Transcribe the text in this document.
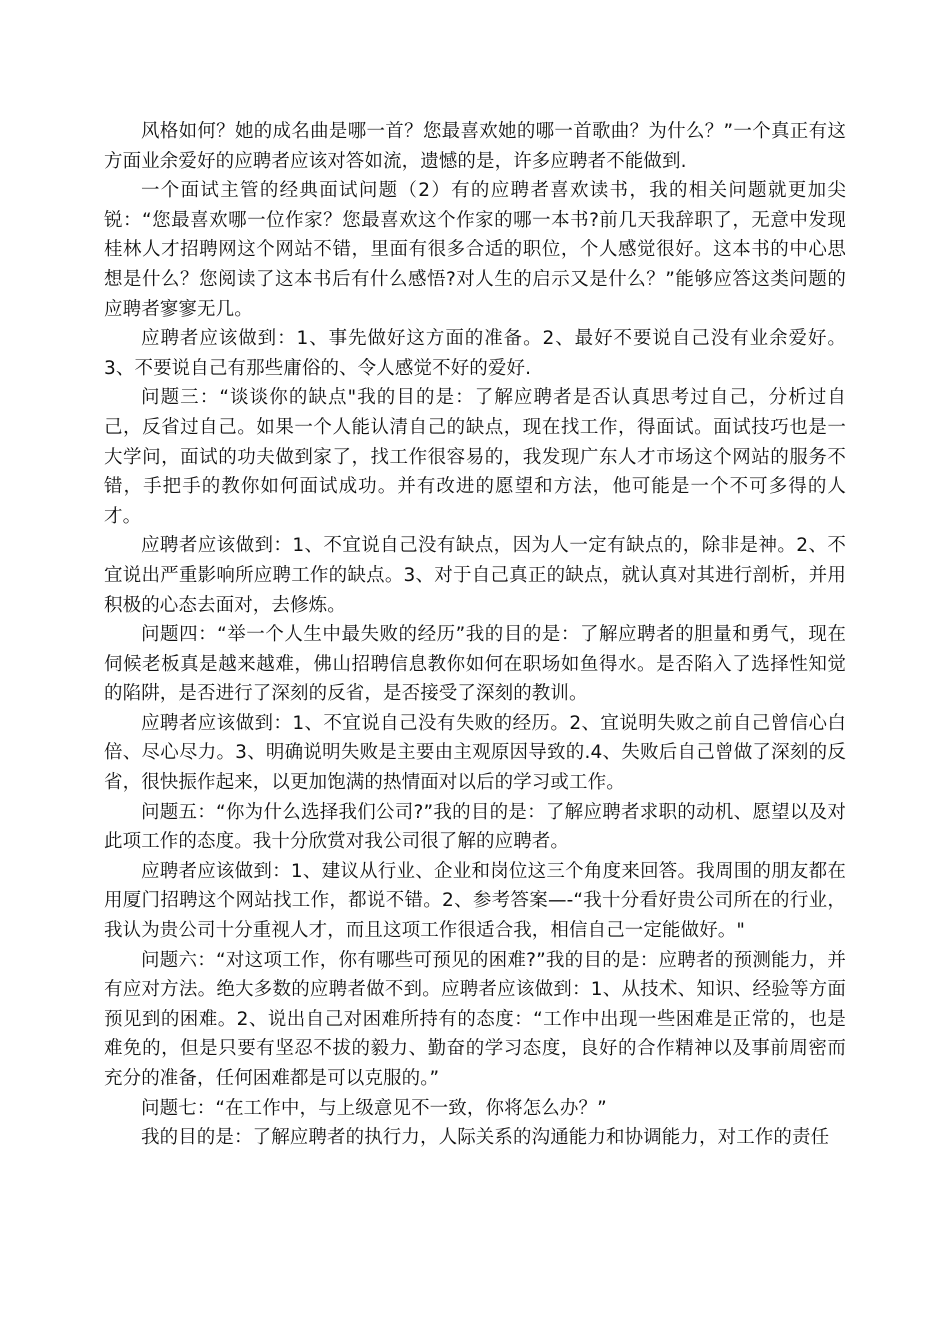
风格如何？她的成名曲是哪一首？您最喜欢她的哪一首歌曲？为什么？”一个真正有这方面业余爱好的应聘者应该对答如流，遗憾的是，许多应聘者不能做到.

一个面试主管的经典面试问题（2）有的应聘者喜欢读书，我的相关问题就更加尖锐：“您最喜欢哪一位作家？您最喜欢这个作家的哪一本书?前几天我辞职了，无意中发现桂林人才招聘网这个网站不错，里面有很多合适的职位，个人感觉很好。这本书的中心思想是什么？您阅读了这本书后有什么感悟?对人生的启示又是什么？”能够应答这类问题的应聘者寥寥无几。

应聘者应该做到：1、事先做好这方面的准备。2、最好不要说自己没有业余爱好。3、不要说自己有那些庸俗的、令人感觉不好的爱好.

问题三：“谈谈你的缺点"我的目的是：了解应聘者是否认真思考过自己，分析过自己，反省过自己。如果一个人能认清自己的缺点，现在找工作，得面试。面试技巧也是一大学问，面试的功夫做到家了，找工作很容易的，我发现广东人才市场这个网站的服务不错，手把手的教你如何面试成功。并有改进的愿望和方法，他可能是一个不可多得的人才。

应聘者应该做到：1、不宜说自己没有缺点，因为人一定有缺点的，除非是神。2、不宜说出严重影响所应聘工作的缺点。3、对于自己真正的缺点，就认真对其进行剖析，并用积极的心态去面对，去修炼。

问题四：“举一个人生中最失败的经历”我的目的是：了解应聘者的胆量和勇气，现在伺候老板真是越来越难，佛山招聘信息教你如何在职场如鱼得水。是否陷入了选择性知觉的陷阱，是否进行了深刻的反省，是否接受了深刻的教训。

应聘者应该做到：1、不宜说自己没有失败的经历。2、宜说明失败之前自己曾信心白倍、尽心尽力。3、明确说明失败是主要由主观原因导致的.4、失败后自己曾做了深刻的反省，很快振作起来，以更加饱满的热情面对以后的学习或工作。

问题五：“你为什么选择我们公司?”我的目的是：了解应聘者求职的动机、愿望以及对此项工作的态度。我十分欣赏对我公司很了解的应聘者。

应聘者应该做到：1、建议从行业、企业和岗位这三个角度来回答。我周围的朋友都在用厦门招聘这个网站找工作，都说不错。2、参考答案—-“我十分看好贵公司所在的行业，我认为贵公司十分重视人才，而且这项工作很适合我，相信自己一定能做好。"

问题六：“对这项工作，你有哪些可预见的困难?”我的目的是：应聘者的预测能力，并有应对方法。绝大多数的应聘者做不到。应聘者应该做到：1、从技术、知识、经验等方面预见到的困难。2、说出自己对困难所持有的态度：“工作中出现一些困难是正常的，也是难免的，但是只要有坚忍不拔的毅力、勤奋的学习态度，良好的合作精神以及事前周密而充分的准备，任何困难都是可以克服的。”

问题七：“在工作中，与上级意见不一致，你将怎么办？”

我的目的是：了解应聘者的执行力，人际关系的沟通能力和协调能力，对工作的责任
